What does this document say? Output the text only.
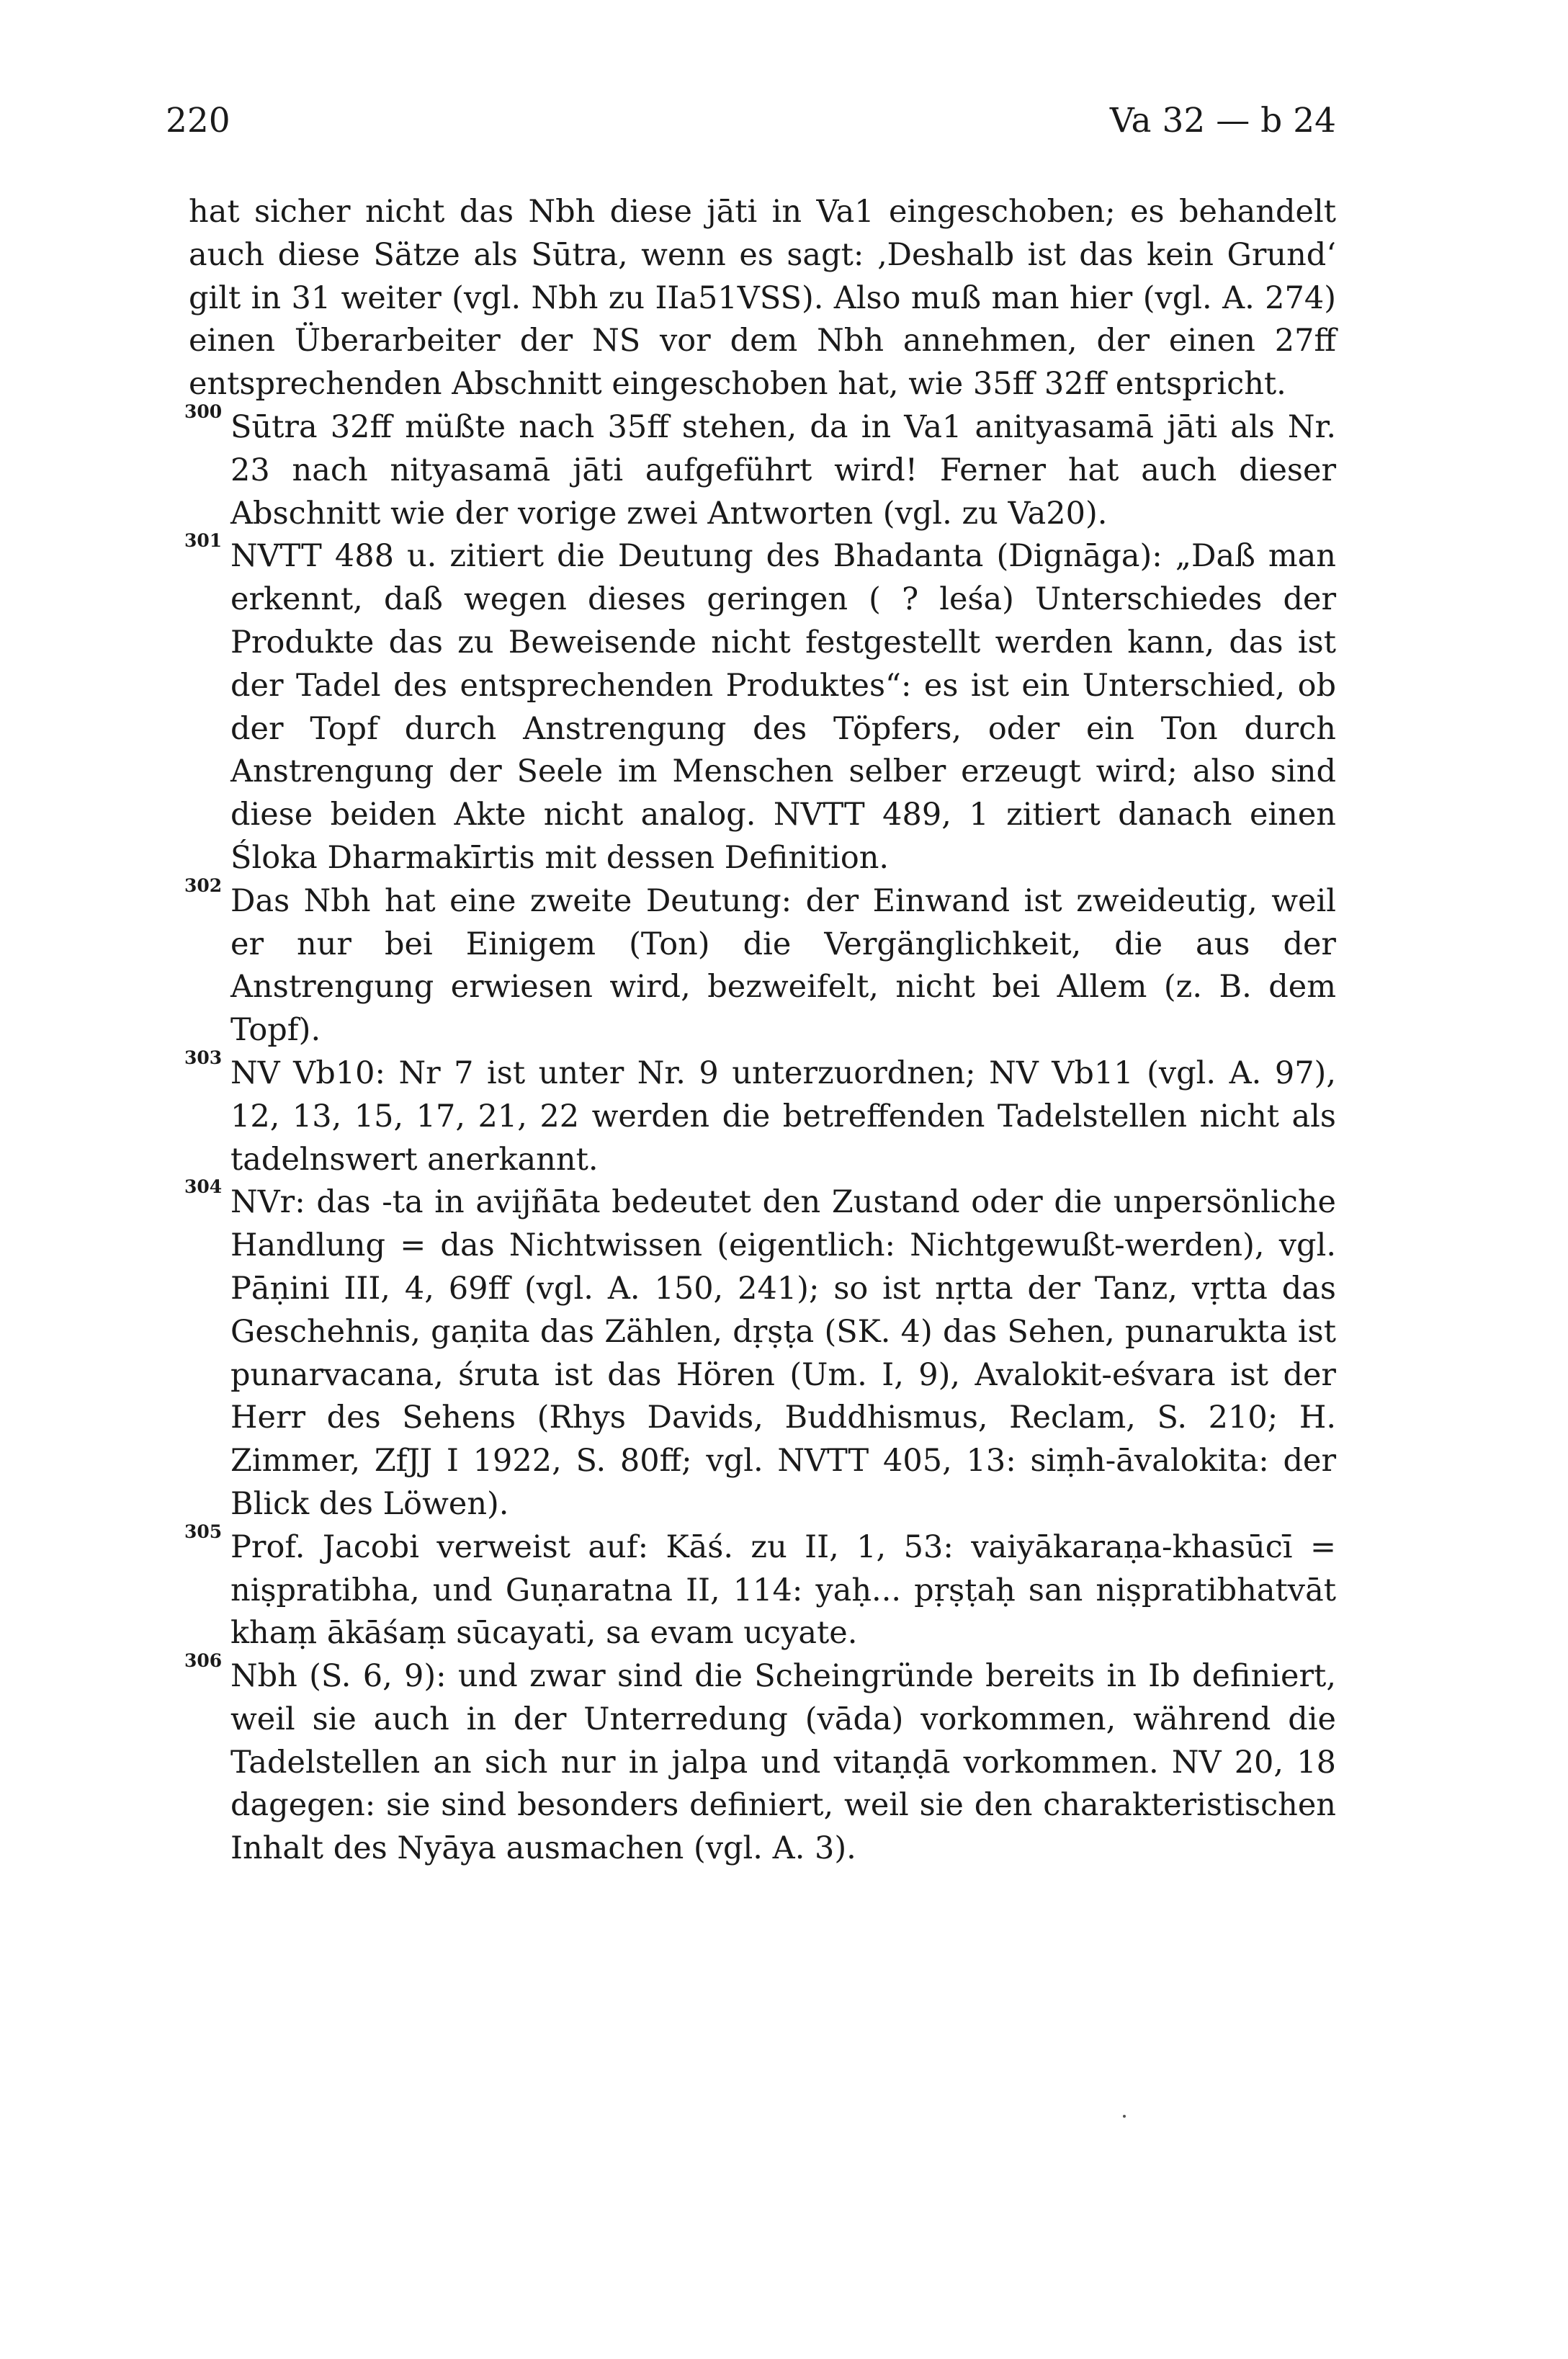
220	Va 32 — b 24

hat sicher nicht das Nbh diese jāti in Va1 eingeschoben; es behandelt auch diese Sätze als Sūtra, wenn es sagt: ‚Deshalb ist das kein Grund‘ gilt in 31 weiter (vgl. Nbh zu IIa51VSS). Also muß man hier (vgl. A. 274) einen Überarbeiter der NS vor dem Nbh annehmen, der einen 27ff entsprechenden Abschnitt eingeschoben hat, wie 35ff 32ff entspricht.

300 Sūtra 32ff müßte nach 35ff stehen, da in Va1 anityasamā jāti als Nr. 23 nach nityasamā jāti aufgeführt wird! Ferner hat auch dieser Abschnitt wie der vorige zwei Antworten (vgl. zu Va20).

301 NVTT 488 u. zitiert die Deutung des Bhadanta (Dignāga): „Daß man erkennt, daß wegen dieses geringen ( ? leśa) Unterschiedes der Produkte das zu Beweisende nicht festgestellt werden kann, das ist der Tadel des entsprechenden Produktes“: es ist ein Unterschied, ob der Topf durch Anstrengung des Töpfers, oder ein Ton durch Anstrengung der Seele im Menschen selber erzeugt wird; also sind diese beiden Akte nicht analog. NVTT 489, 1 zitiert danach einen Śloka Dharmakīrtis mit dessen Definition.

302 Das Nbh hat eine zweite Deutung: der Einwand ist zweideutig, weil er nur bei Einigem (Ton) die Vergänglichkeit, die aus der Anstrengung erwiesen wird, bezweifelt, nicht bei Allem (z. B. dem Topf).

303 NV Vb10: Nr 7 ist unter Nr. 9 unterzuordnen; NV Vb11 (vgl. A. 97), 12, 13, 15, 17, 21, 22 werden die betreffenden Tadelstellen nicht als tadelnswert anerkannt.

304 NVr: das -ta in avijñāta bedeutet den Zustand oder die unpersönliche Handlung = das Nichtwissen (eigentlich: Nichtgewußt-werden), vgl. Pāṇini III, 4, 69ff (vgl. A. 150, 241); so ist nṛtta der Tanz, vṛtta das Geschehnis, gaṇita das Zählen, dṛṣṭa (SK. 4) das Sehen, punarukta ist punarvacana, śruta ist das Hören (Um. I, 9), Avalokit-eśvara ist der Herr des Sehens (Rhys Davids, Buddhismus, Reclam, S. 210; H. Zimmer, ZfJJ I 1922, S. 80ff; vgl. NVTT 405, 13: siṃh-āvalokita: der Blick des Löwen).

305 Prof. Jacobi verweist auf: Kāś. zu II, 1, 53: vaiyākaraṇa-khasūcī = niṣpratibha, und Guṇaratna II, 114: yaḥ... pṛṣṭaḥ san niṣpratibhatvāt khaṃ ākāśaṃ sūcayati, sa evam ucyate.

306 Nbh (S. 6, 9): und zwar sind die Scheingründe bereits in Ib definiert, weil sie auch in der Unterredung (vāda) vorkommen, während die Tadelstellen an sich nur in jalpa und vitaṇḍā vorkommen. NV 20, 18 dagegen: sie sind besonders definiert, weil sie den charakteristischen Inhalt des Nyāya ausmachen (vgl. A. 3).
